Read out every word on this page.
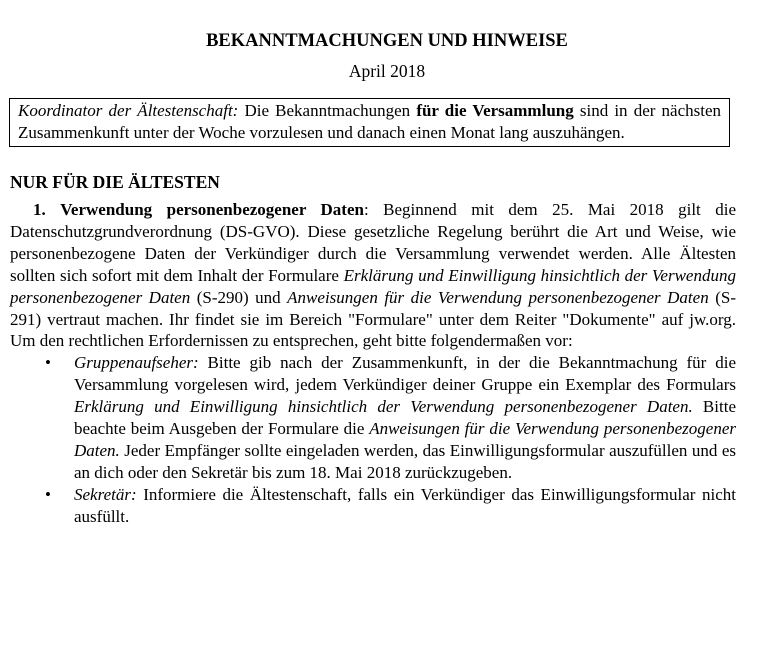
BEKANNTMACHUNGEN UND HINWEISE
April 2018
Koordinator der Ältestenschaft: Die Bekanntmachungen für die Versammlung sind in der nächsten Zusammenkunft unter der Woche vorzulesen und danach einen Monat lang auszuhängen.
NUR FÜR DIE ÄLTESTEN

1. Verwendung personenbezogener Daten: Beginnend mit dem 25. Mai 2018 gilt die Datenschutzgrundverordnung (DS-GVO). Diese gesetzliche Regelung berührt die Art und Weise, wie personenbezogene Daten der Verkündiger durch die Versammlung verwendet werden. Alle Ältesten sollten sich sofort mit dem Inhalt der Formulare Erklärung und Einwilligung hinsichtlich der Verwendung personenbezogener Daten (S-290) und Anweisungen für die Verwendung personenbezogener Daten (S-291) vertraut machen. Ihr findet sie im Bereich "Formulare" unter dem Reiter "Dokumente" auf jw.org. Um den rechtlichen Erfordernissen zu entsprechen, geht bitte folgendermaßen vor:

• Gruppenaufseher: Bitte gib nach der Zusammenkunft, in der die Bekanntmachung für die Versammlung vorgelesen wird, jedem Verkündiger deiner Gruppe ein Exemplar des Formulars Erklärung und Einwilligung hinsichtlich der Verwendung personenbezogener Daten. Bitte beachte beim Ausgeben der Formulare die Anweisungen für die Verwendung personenbezogener Daten. Jeder Empfänger sollte eingeladen werden, das Einwilligungsformular auszufüllen und es an dich oder den Sekretär bis zum 18. Mai 2018 zurückzugeben.
• Sekretär: Informiere die Ältestenschaft, falls ein Verkündiger das Einwilligungsformular nicht ausfüllt.
